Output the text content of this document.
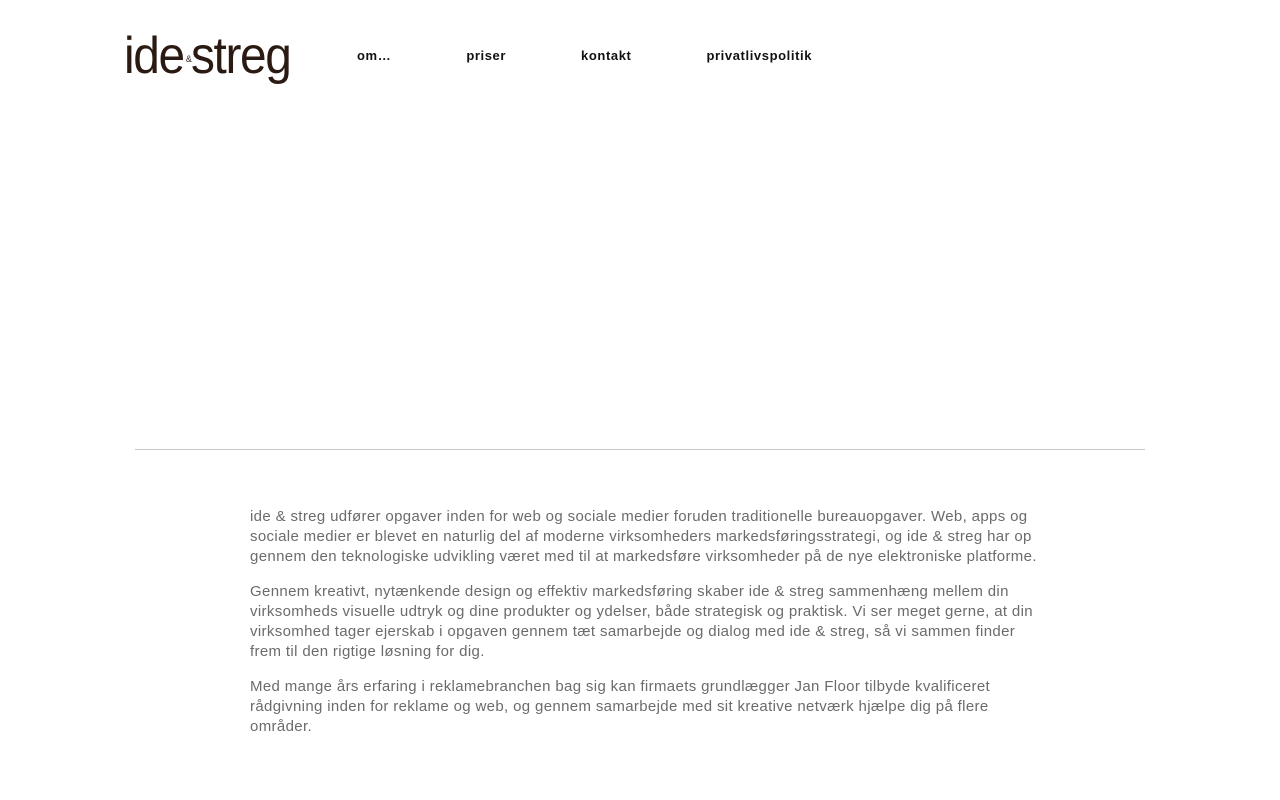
ide & streg	om…	priser	kontakt	privatlivspolitik

ide & streg udfører opgaver inden for web og sociale medier foruden traditionelle bureauopgaver. Web, apps og sociale medier er blevet en naturlig del af moderne virksomheders markedsføringsstrategi, og ide & streg har op gennem den teknologiske udvikling været med til at markedsføre virksomheder på de nye elektroniske platforme.

Gennem kreativt, nytænkende design og effektiv markedsføring skaber ide & streg sammenhæng mellem din virksomheds visuelle udtryk og dine produkter og ydelser, både strategisk og praktisk. Vi ser meget gerne, at din virksomhed tager ejerskab i opgaven gennem tæt samarbejde og dialog med ide & streg, så vi sammen finder frem til den rigtige løsning for dig.

Med mange års erfaring i reklamebranchen bag sig kan firmaets grundlægger Jan Floor tilbyde kvalificeret rådgivning inden for reklame og web, og gennem samarbejde med sit kreative netværk hjælpe dig på flere områder.
